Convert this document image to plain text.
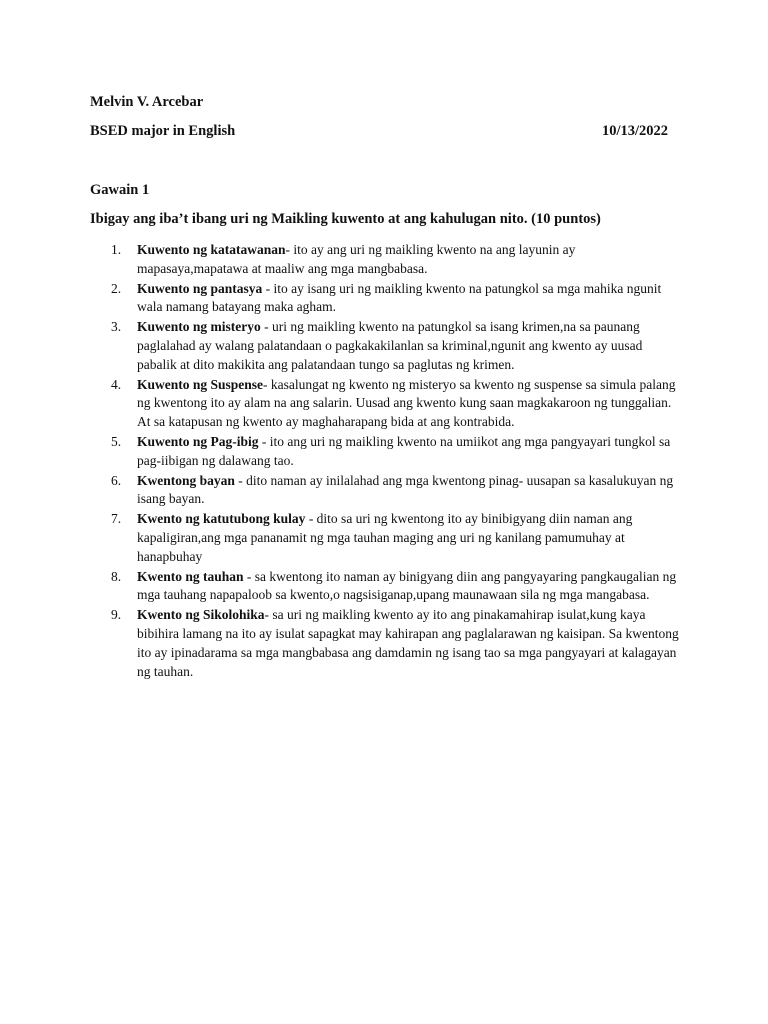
Melvin V. Arcebar
BSED major in English	10/13/2022
Gawain 1
Ibigay ang iba’t ibang uri ng Maikling kuwento at ang kahulugan nito. (10 puntos)
1. Kuwento ng katatawanan- ito ay ang uri ng maikling kwento na ang layunin ay mapasaya,mapatawa at maaliw ang mga mangbabasa.
2. Kuwento ng pantasya - ito ay isang uri ng maikling kwento na patungkol sa mga mahika ngunit wala namang batayang maka agham.
3. Kuwento ng misteryo - uri ng maikling kwento na patungkol sa isang krimen,na sa paunang paglalahad ay walang palatandaan o pagkakakilanlan sa kriminal,ngunit ang kwento ay uusad pabalik at dito makikita ang palatandaan tungo sa paglutas ng krimen.
4. Kuwento ng Suspense- kasalungat ng kwento ng misteryo sa kwento ng suspense sa simula palang ng kwentong ito ay alam na ang salarin. Uusad ang kwento kung saan magkakaroon ng tunggalian. At sa katapusan ng kwento ay maghaharapang bida at ang kontrabida.
5. Kuwento ng Pag-ibig - ito ang uri ng maikling kwento na umiikot ang mga pangyayari tungkol sa pag-iibigan ng dalawang tao.
6. Kwentong bayan - dito naman ay inilalahad ang mga kwentong pinag- uusapan sa kasalukuyan ng isang bayan.
7. Kwento ng katutubong kulay - dito sa uri ng kwentong ito ay binibigyang diin naman ang kapaligiran,ang mga pananamit ng mga tauhan maging ang uri ng kanilang pamumuhay at hanapbuhay
8. Kwento ng tauhan - sa kwentong ito naman ay binigyang diin ang pangyayaring pangkaugalian ng mga tauhang napapaloob sa kwento,o nagsisiganap,upang maunawaan sila ng mga mangabasa.
9. Kwento ng Sikolohika- sa uri ng maikling kwento ay ito ang pinakamahirap isulat,kung kaya bibihira lamang na ito ay isulat sapagkat may kahirapan ang paglalarawan ng kaisipan. Sa kwentong ito ay ipinadarama sa mga mangbabasa ang damdamin ng isang tao sa mga pangyayari at kalagayan ng tauhan.
